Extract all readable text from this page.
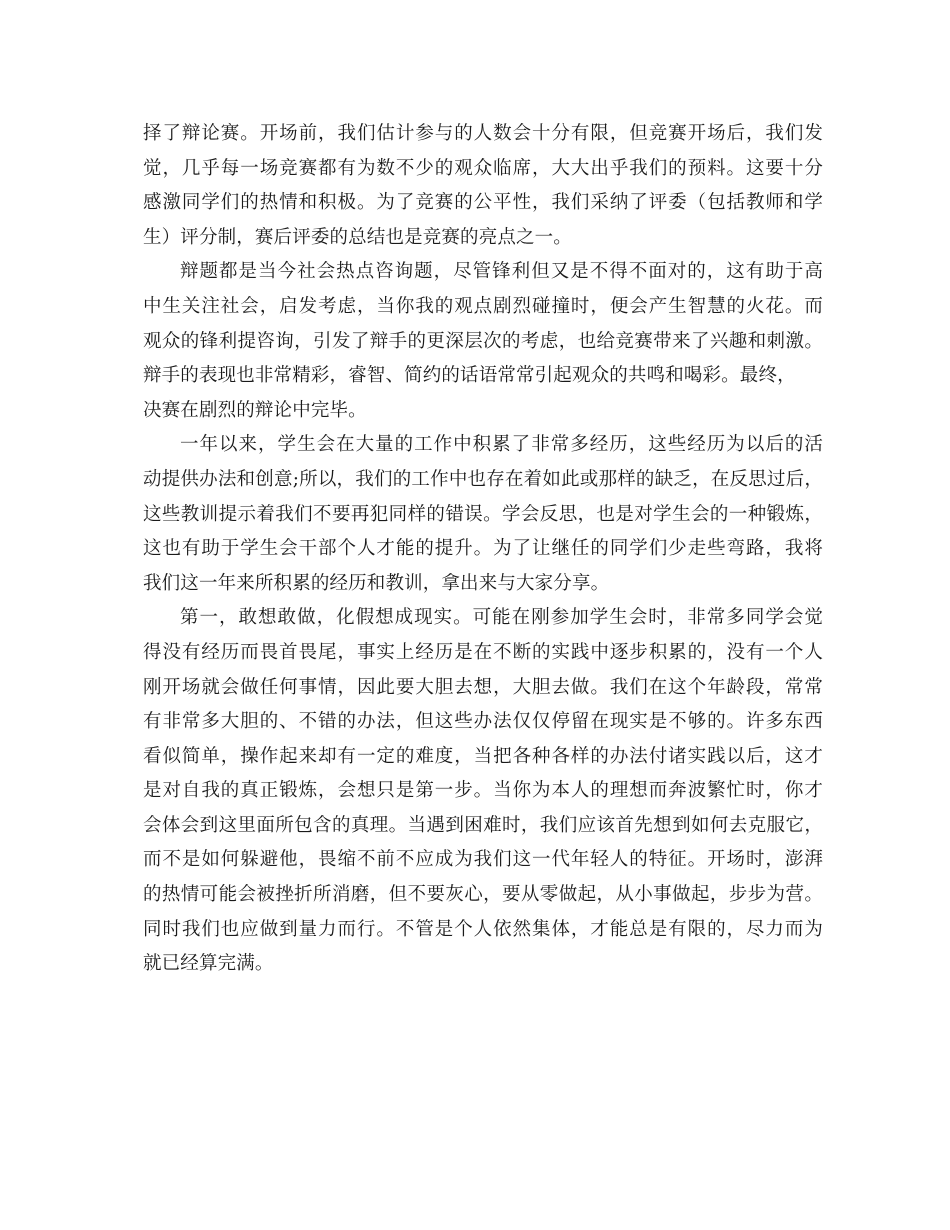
择了辩论赛。开场前，我们估计参与的人数会十分有限，但竞赛开场后，我们发
觉，几乎每一场竞赛都有为数不少的观众临席，大大出乎我们的预料。这要十分
感激同学们的热情和积极。为了竞赛的公平性，我们采纳了评委（包括教师和学
生）评分制，赛后评委的总结也是竞赛的亮点之一。
辩题都是当今社会热点咨询题，尽管锋利但又是不得不面对的，这有助于高
中生关注社会，启发考虑，当你我的观点剧烈碰撞时，便会产生智慧的火花。而
观众的锋利提咨询，引发了辩手的更深层次的考虑，也给竞赛带来了兴趣和刺激。
辩手的表现也非常精彩，睿智、简约的话语常常引起观众的共鸣和喝彩。最终，
决赛在剧烈的辩论中完毕。
一年以来，学生会在大量的工作中积累了非常多经历，这些经历为以后的活
动提供办法和创意;所以，我们的工作中也存在着如此或那样的缺乏，在反思过后，
这些教训提示着我们不要再犯同样的错误。学会反思，也是对学生会的一种锻炼，
这也有助于学生会干部个人才能的提升。为了让继任的同学们少走些弯路，我将
我们这一年来所积累的经历和教训，拿出来与大家分享。
第一，敢想敢做，化假想成现实。可能在刚参加学生会时，非常多同学会觉
得没有经历而畏首畏尾，事实上经历是在不断的实践中逐步积累的，没有一个人
刚开场就会做任何事情，因此要大胆去想，大胆去做。我们在这个年龄段，常常
有非常多大胆的、不错的办法，但这些办法仅仅停留在现实是不够的。许多东西
看似简单，操作起来却有一定的难度，当把各种各样的办法付诸实践以后，这才
是对自我的真正锻炼，会想只是第一步。当你为本人的理想而奔波繁忙时，你才
会体会到这里面所包含的真理。当遇到困难时，我们应该首先想到如何去克服它，
而不是如何躲避他，畏缩不前不应成为我们这一代年轻人的特征。开场时，澎湃
的热情可能会被挫折所消磨，但不要灰心，要从零做起，从小事做起，步步为营。
同时我们也应做到量力而行。不管是个人依然集体，才能总是有限的，尽力而为
就已经算完满。
